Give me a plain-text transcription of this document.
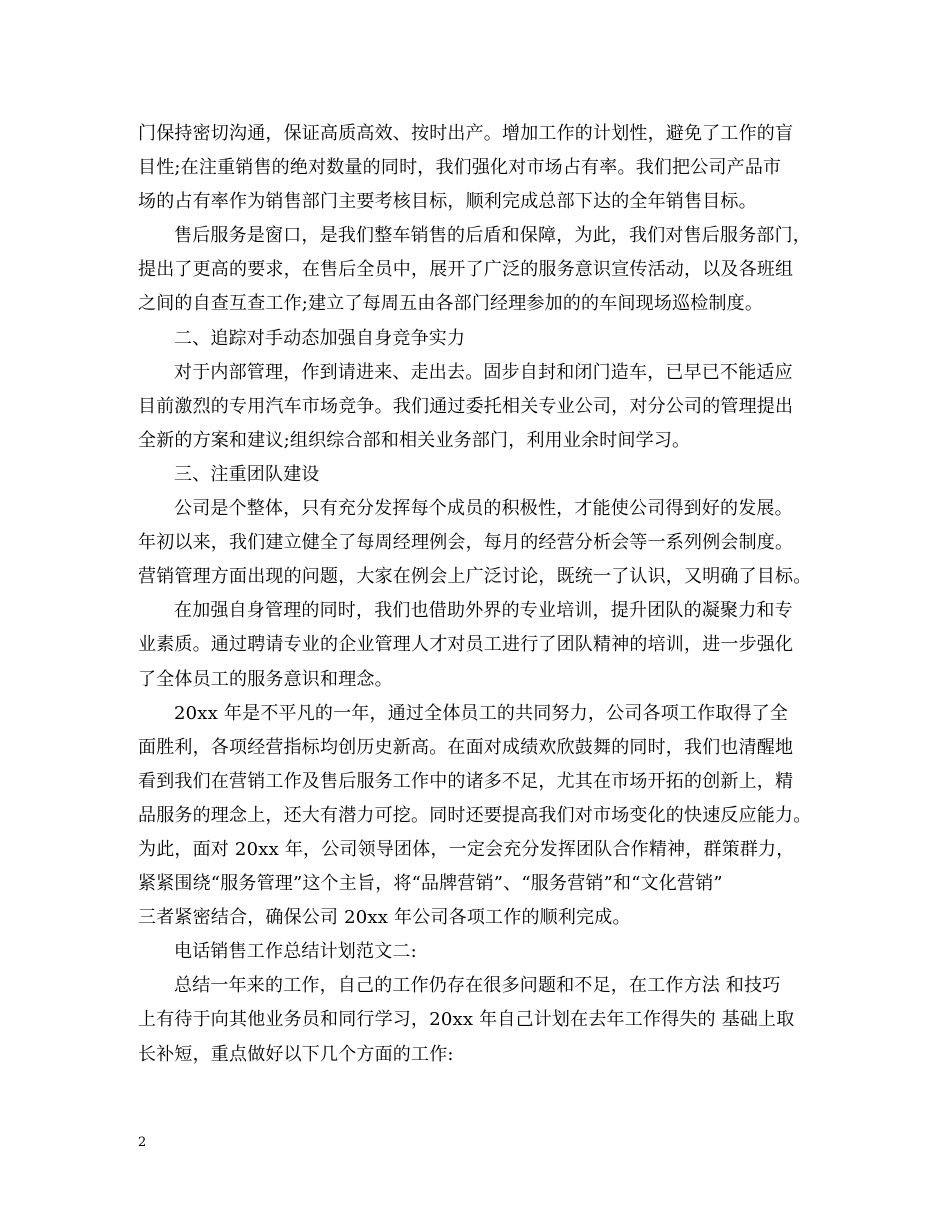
门保持密切沟通，保证高质高效、按时出产。增加工作的计划性，避免了工作的盲
目性;在注重销售的绝对数量的同时，我们强化对市场占有率。我们把公司产品市
场的占有率作为销售部门主要考核目标，顺利完成总部下达的全年销售目标。
售后服务是窗口，是我们整车销售的后盾和保障，为此，我们对售后服务部门，
提出了更高的要求，在售后全员中，展开了广泛的服务意识宣传活动，以及各班组
之间的自查互查工作;建立了每周五由各部门经理参加的的车间现场巡检制度。
二、追踪对手动态加强自身竞争实力
对于内部管理，作到请进来、走出去。固步自封和闭门造车，已早已不能适应
目前激烈的专用汽车市场竞争。我们通过委托相关专业公司，对分公司的管理提出
全新的方案和建议;组织综合部和相关业务部门，利用业余时间学习。
三、注重团队建设
公司是个整体，只有充分发挥每个成员的积极性，才能使公司得到好的发展。
年初以来，我们建立健全了每周经理例会，每月的经营分析会等一系列例会制度。
营销管理方面出现的问题，大家在例会上广泛讨论，既统一了认识，又明确了目标。
在加强自身管理的同时，我们也借助外界的专业培训，提升团队的凝聚力和专
业素质。通过聘请专业的企业管理人才对员工进行了团队精神的培训，进一步强化
了全体员工的服务意识和理念。
20xx 年是不平凡的一年，通过全体员工的共同努力，公司各项工作取得了全
面胜利，各项经营指标均创历史新高。在面对成绩欢欣鼓舞的同时，我们也清醒地
看到我们在营销工作及售后服务工作中的诸多不足，尤其在市场开拓的创新上，精
品服务的理念上，还大有潜力可挖。同时还要提高我们对市场变化的快速反应能力。
为此，面对 20xx 年，公司领导团体，一定会充分发挥团队合作精神，群策群力，
紧紧围绕“服务管理”这个主旨，将“品牌营销”、“服务营销”和“文化营销”
三者紧密结合，确保公司 20xx 年公司各项工作的顺利完成。
电话销售工作总结计划范文二:
总结一年来的工作，自己的工作仍存在很多问题和不足，在工作方法 和技巧
上有待于向其他业务员和同行学习，20xx 年自己计划在去年工作得失的 基础上取
长补短，重点做好以下几个方面的工作:
2
